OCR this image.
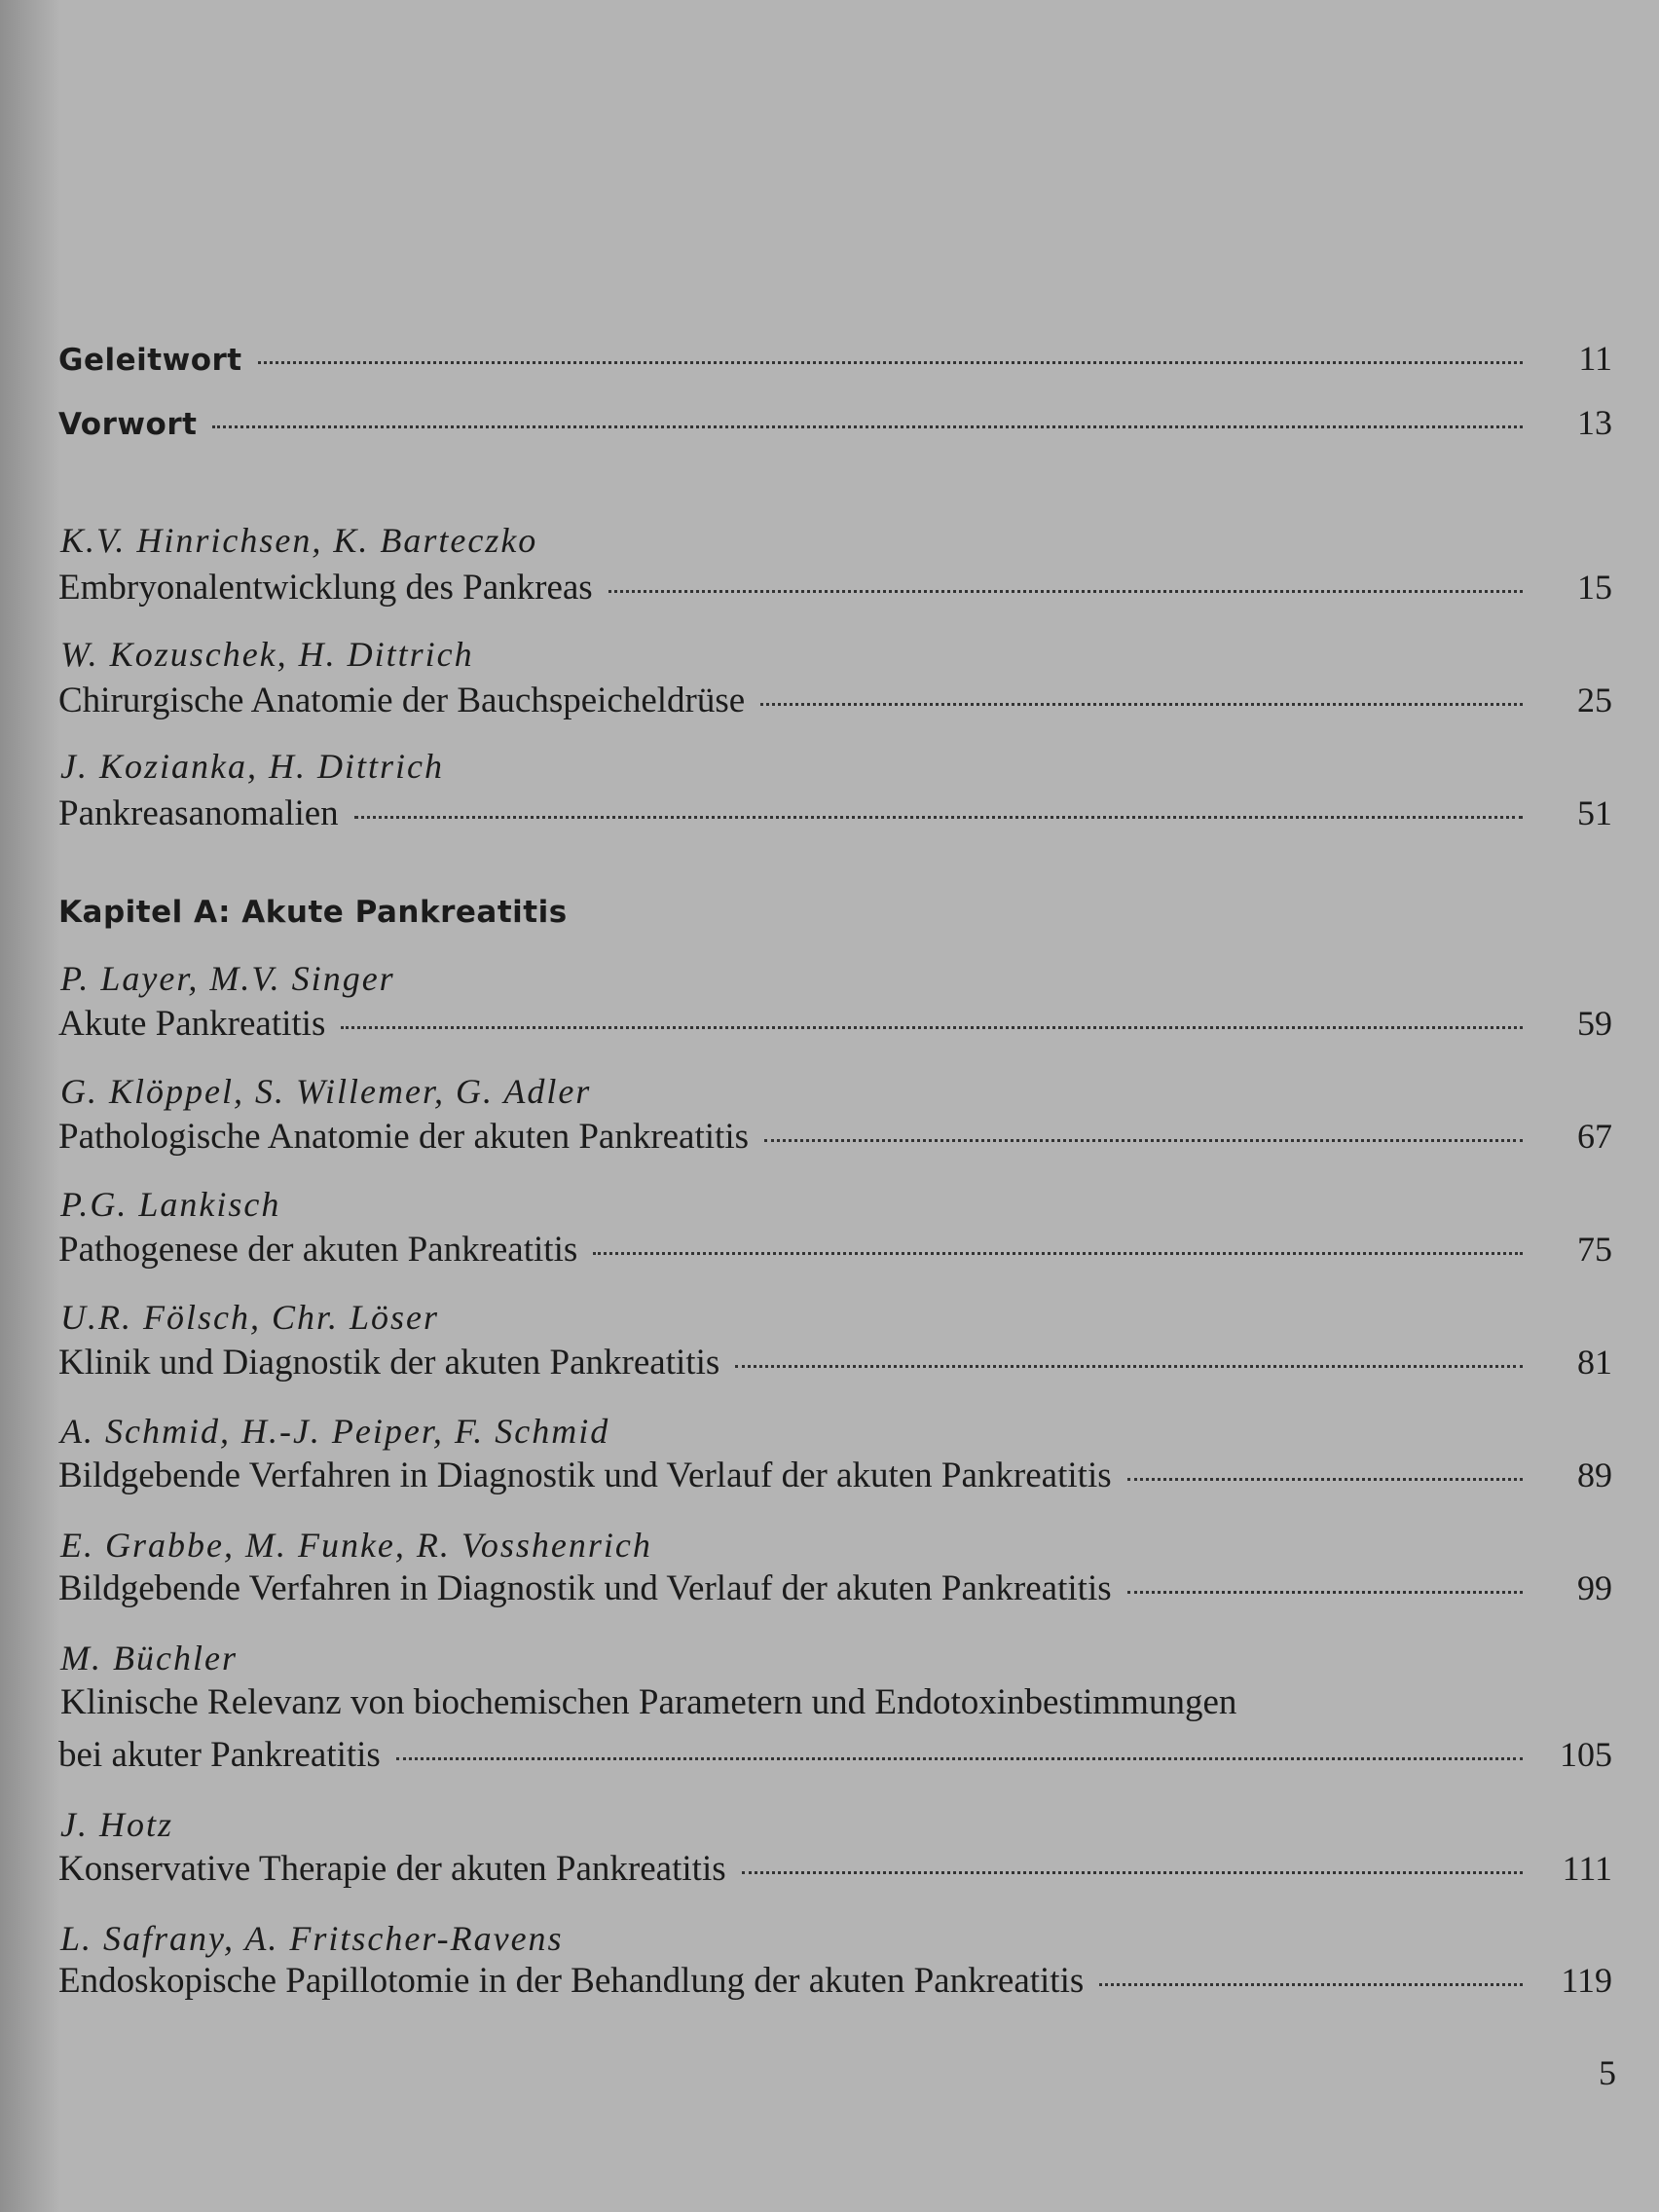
Geleitwort	11
Vorwort	13
K.V. Hinrichsen, K. Barteczko
Embryonalentwicklung des Pankreas	15
W. Kozuschek, H. Dittrich
Chirurgische Anatomie der Bauchspeicheldrüse	25
J. Kozianka, H. Dittrich
Pankreasanomalien	51
Kapitel A: Akute Pankreatitis
P. Layer, M.V. Singer
Akute Pankreatitis	59
G. Klöppel, S. Willemer, G. Adler
Pathologische Anatomie der akuten Pankreatitis	67
P.G. Lankisch
Pathogenese der akuten Pankreatitis	75
U.R. Fölsch, Chr. Löser
Klinik und Diagnostik der akuten Pankreatitis	81
A. Schmid, H.-J. Peiper, F. Schmid
Bildgebende Verfahren in Diagnostik und Verlauf der akuten Pankreatitis	89
E. Grabbe, M. Funke, R. Vosshenrich
Bildgebende Verfahren in Diagnostik und Verlauf der akuten Pankreatitis	99
M. Büchler
Klinische Relevanz von biochemischen Parametern und Endotoxinbestimmungen
bei akuter Pankreatitis	105
J. Hotz
Konservative Therapie der akuten Pankreatitis	111
L. Safrany, A. Fritscher-Ravens
Endoskopische Papillotomie in der Behandlung der akuten Pankreatitis	119
5
